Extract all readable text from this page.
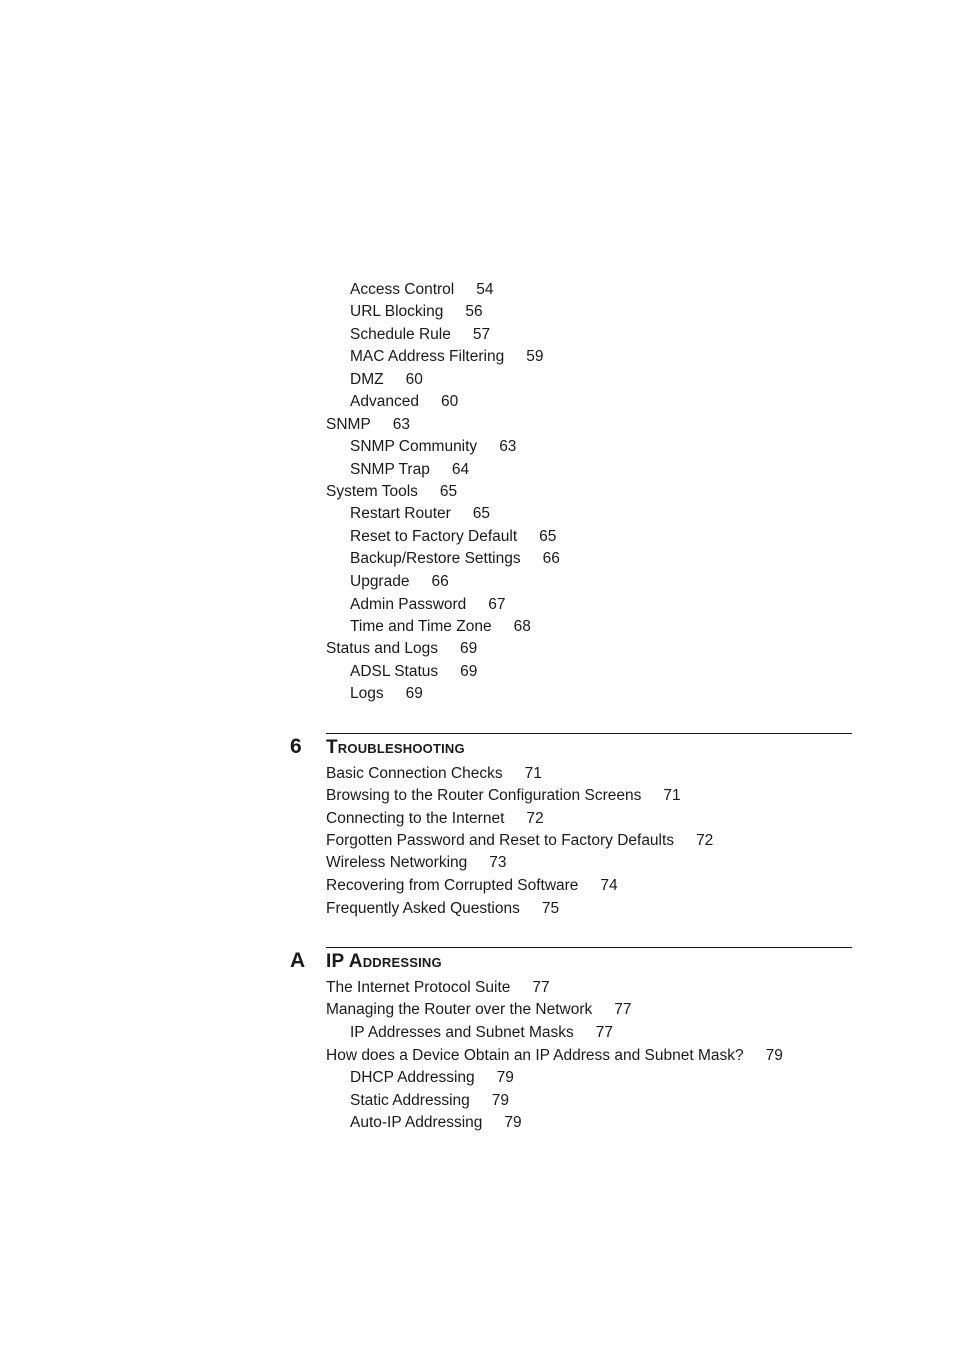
Access Control 54
URL Blocking 56
Schedule Rule 57
MAC Address Filtering 59
DMZ 60
Advanced 60
SNMP 63
SNMP Community 63
SNMP Trap 64
System Tools 65
Restart Router 65
Reset to Factory Default 65
Backup/Restore Settings 66
Upgrade 66
Admin Password 67
Time and Time Zone 68
Status and Logs 69
ADSL Status 69
Logs 69
6 Troubleshooting
Basic Connection Checks 71
Browsing to the Router Configuration Screens 71
Connecting to the Internet 72
Forgotten Password and Reset to Factory Defaults 72
Wireless Networking 73
Recovering from Corrupted Software 74
Frequently Asked Questions 75
A IP Addressing
The Internet Protocol Suite 77
Managing the Router over the Network 77
IP Addresses and Subnet Masks 77
How does a Device Obtain an IP Address and Subnet Mask? 79
DHCP Addressing 79
Static Addressing 79
Auto-IP Addressing 79
